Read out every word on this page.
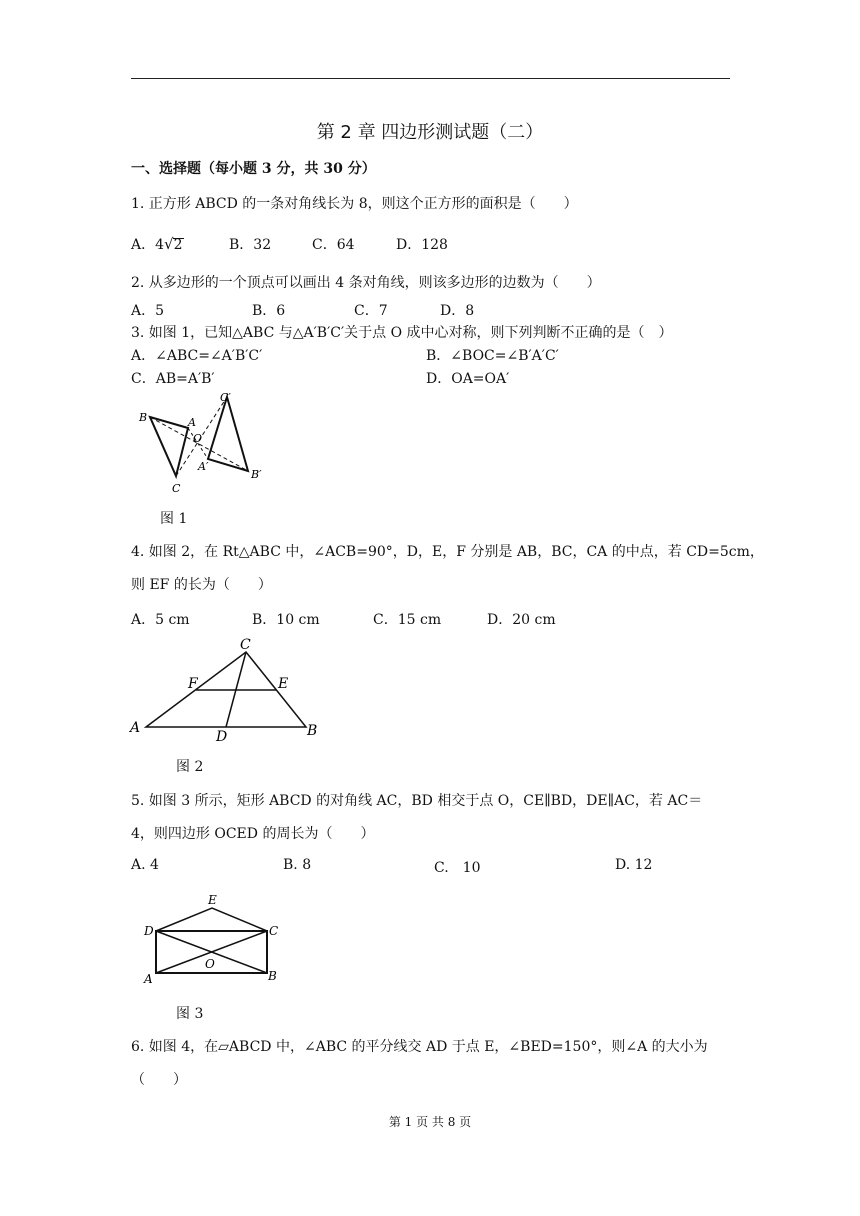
第 2 章 四边形测试题（二）
一、选择题（每小题 3 分，共 30 分）
1. 正方形 ABCD 的一条对角线长为 8，则这个正方形的面积是（　　）
A．4√2	B．32	C．64	D．128
2. 从多边形的一个顶点可以画出 4 条对角线，则该多边形的边数为（　　）
A．5	B．6	C．7	D．8
3. 如图 1，已知△ABC 与△A′B′C′关于点 O 成中心对称，则下列判断不正确的是（　）
A．∠ABC=∠A′B′C′	B．∠BOC=∠B′A′C′
C．AB=A′B′	D．OA=OA′
B	A
O
C
C′
A′
B′
图 1
4. 如图 2，在 Rt△ABC 中，∠ACB=90°，D，E，F 分别是 AB，BC，CA 的中点，若 CD=5cm，
则 EF 的长为（　　）
A．5 cm	B．10 cm	C．15 cm	D．20 cm
C
F	E
A
D	B
图 2
5. 如图 3 所示，矩形 ABCD 的对角线 AC，BD 相交于点 O，CE∥BD，DE∥AC，若 AC＝
4，则四边形 OCED 的周长为（　　）
A. 4	B. 8	C.　10	D. 12
E
D	C
O
A	B
图 3
6. 如图 4，在▱ABCD 中，∠ABC 的平分线交 AD 于点 E，∠BED=150°，则∠A 的大小为
（　　）
第 1 页 共 8 页
